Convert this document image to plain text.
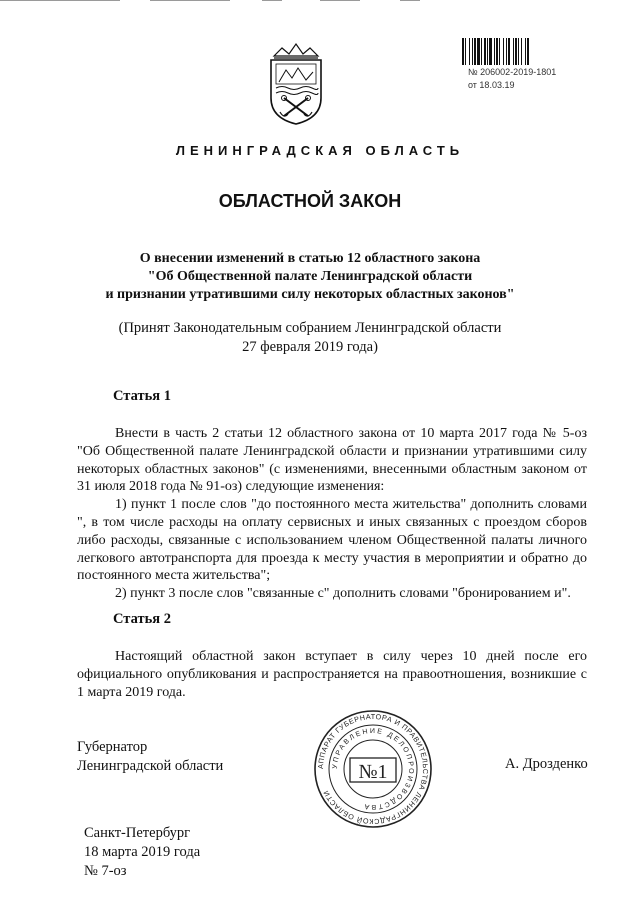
№ 206002-2019-1801
от 18.03.19
ЛЕНИНГРАДСКАЯ ОБЛАСТЬ
ОБЛАСТНОЙ ЗАКОН
О внесении изменений в статью 12 областного закона
"Об Общественной палате Ленинградской области
и признании утратившими силу некоторых областных законов"
(Принят Законодательным собранием Ленинградской области
27 февраля 2019 года)
Статья 1

Внести в часть 2 статьи 12 областного закона от 10 марта 2017 года № 5-оз "Об Общественной палате Ленинградской области и признании утратившими силу некоторых областных законов" (с изменениями, внесенными областным законом от 31 июля 2018 года № 91-оз) следующие изменения:

1) пункт 1 после слов "до постоянного места жительства" дополнить словами ", в том числе расходы на оплату сервисных и иных связанных с проездом сборов либо расходы, связанные с использованием членом Общественной палаты личного легкового автотранспорта для проезда к месту участия в мероприятии и обратно до постоянного места жительства";

2) пункт 3 после слов "связанные с" дополнить словами "бронированием и".

Статья 2

Настоящий областной закон вступает в силу через 10 дней после его официального опубликования и распространяется на правоотношения, возникшие с 1 марта 2019 года.

Губернатор
Ленинградской области	А. Дрозденко
АППАРАТ ГУБЕРНАТОРА И ПРАВИТЕЛЬСТВА ЛЕНИНГРАДСКОЙ ОБЛАСТИ
УПРАВЛЕНИЕ ДЕЛОПРОИЗВОДСТВА
№1
Санкт-Петербург
18 марта 2019 года
№ 7-оз
